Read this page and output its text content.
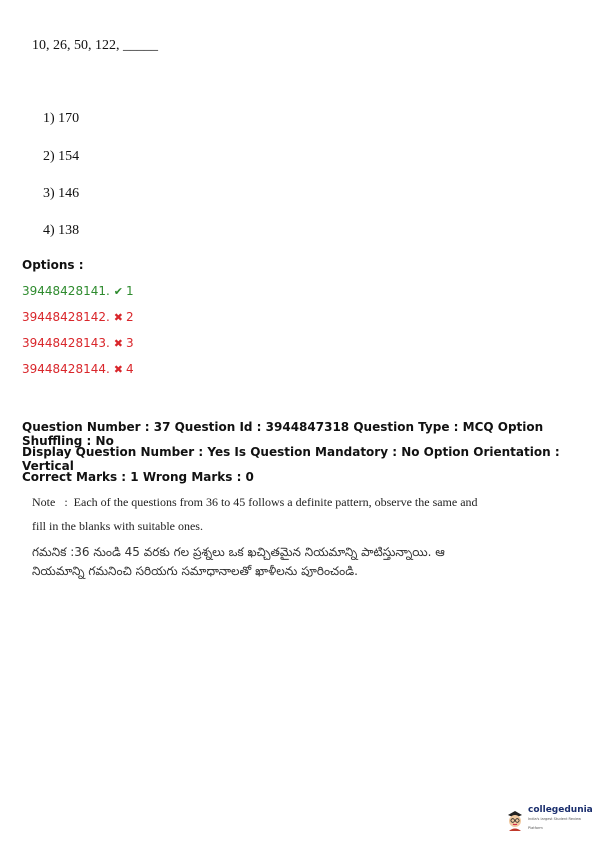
10, 26, 50, 122, _____
1) 170
2) 154
3) 146
4) 138
Options :
39448428141. ✔ 1
39448428142. ✖ 2
39448428143. ✖ 3
39448428144. ✖ 4
Question Number : 37 Question Id : 3944847318 Question Type : MCQ Option Shuffling : No
Display Question Number : Yes Is Question Mandatory : No Option Orientation : Vertical
Correct Marks : 1 Wrong Marks : 0
Note   :  Each of the questions from 36 to 45 follows a definite pattern, observe the same and
fill in the blanks with suitable ones.
గమనిక :36 నుండి 45 వరకు గల ప్రశ్నలు ఒక ఖచ్చితమైన నియమాన్ని పాటిస్తున్నాయి. ఆ నియమాన్ని గమనించి సరియగు సమాధానాలతో ఖాళీలను పూరించండి.
collegedunia
India's largest Student Review Platform
